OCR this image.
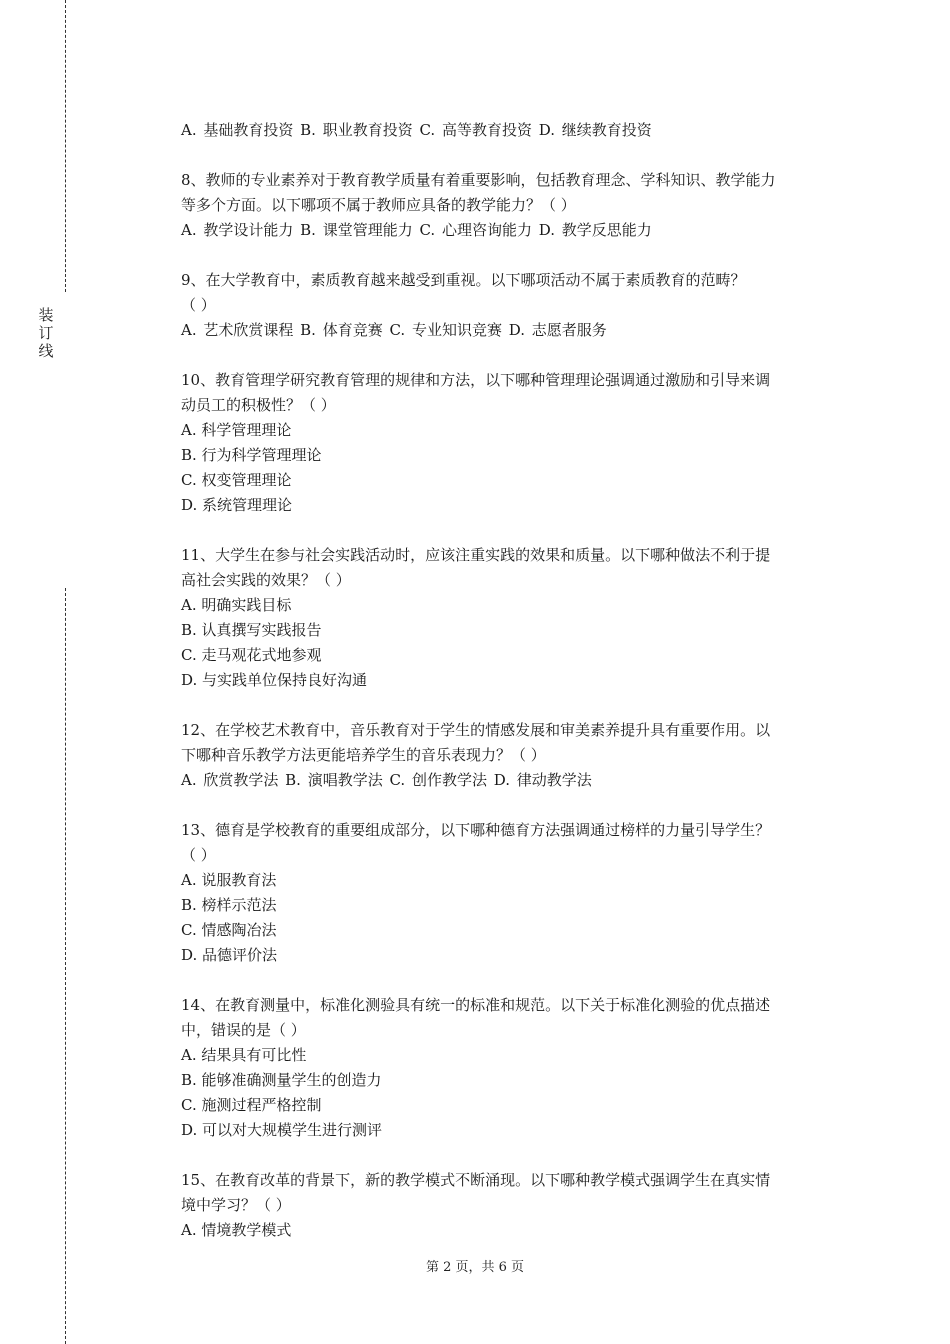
装
订
线
A. 基础教育投资 B. 职业教育投资 C. 高等教育投资 D. 继续教育投资
8、教师的专业素养对于教育教学质量有着重要影响，包括教育理念、学科知识、教学能力
等多个方面。以下哪项不属于教师应具备的教学能力？（ ）
A. 教学设计能力 B. 课堂管理能力 C. 心理咨询能力 D. 教学反思能力
9、在大学教育中，素质教育越来越受到重视。以下哪项活动不属于素质教育的范畴？
（ ）
A. 艺术欣赏课程 B. 体育竞赛 C. 专业知识竞赛 D. 志愿者服务
10、教育管理学研究教育管理的规律和方法，以下哪种管理理论强调通过激励和引导来调
动员工的积极性？（ ）
A. 科学管理理论
B. 行为科学管理理论
C. 权变管理理论
D. 系统管理理论
11、大学生在参与社会实践活动时，应该注重实践的效果和质量。以下哪种做法不利于提
高社会实践的效果？（ ）
A. 明确实践目标
B. 认真撰写实践报告
C. 走马观花式地参观
D. 与实践单位保持良好沟通
12、在学校艺术教育中，音乐教育对于学生的情感发展和审美素养提升具有重要作用。以
下哪种音乐教学方法更能培养学生的音乐表现力？（ ）
A. 欣赏教学法 B. 演唱教学法 C. 创作教学法 D. 律动教学法
13、德育是学校教育的重要组成部分，以下哪种德育方法强调通过榜样的力量引导学生？
（ ）
A. 说服教育法
B. 榜样示范法
C. 情感陶冶法
D. 品德评价法
14、在教育测量中，标准化测验具有统一的标准和规范。以下关于标准化测验的优点描述
中，错误的是（ ）
A. 结果具有可比性
B. 能够准确测量学生的创造力
C. 施测过程严格控制
D. 可以对大规模学生进行测评
15、在教育改革的背景下，新的教学模式不断涌现。以下哪种教学模式强调学生在真实情
境中学习？（ ）
A. 情境教学模式
第 2 页，共 6 页
